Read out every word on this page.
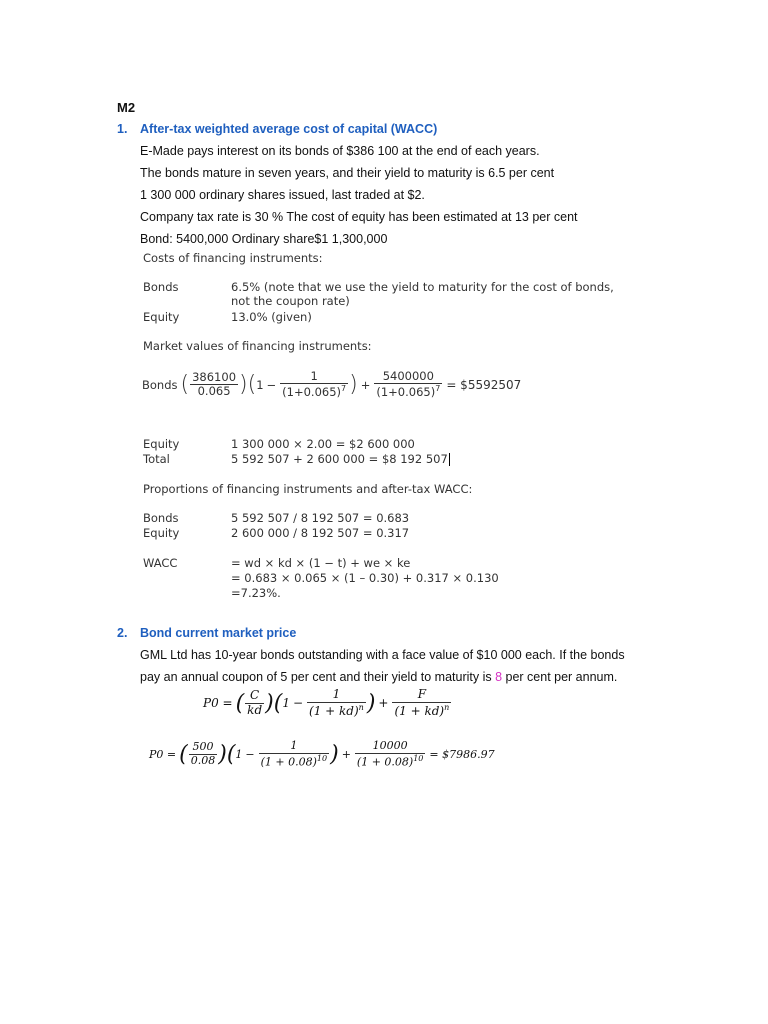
M2
1. After-tax weighted average cost of capital (WACC)
E-Made pays interest on its bonds of $386 100 at the end of each years.
The bonds mature in seven years, and their yield to maturity is 6.5 per cent
1 300 000 ordinary shares issued, last traded at $2.
Company tax rate is 30 % The cost of equity has been estimated at 13 per cent
Bond: 5400,000 Ordinary share$1 1,300,000
Costs of financing instruments:
Bonds	6.5% (note that we use the yield to maturity for the cost of bonds,
not the coupon rate)
Equity	13.0% (given)
Market values of financing instruments:
Bonds ( $\frac{386100}{0.065}$ ) ( $1 - \frac{1}{(1+0.065)^7}$ ) + $\frac{5400000}{(1+0.065)^7}$ = $5592507
Equity	1 300 000 × 2.00 = $2 600 000
Total	5 592 507 + 2 600 000 = $8 192 507
Proportions of financing instruments and after-tax WACC:
Bonds	5 592 507 / 8 192 507 = 0.683
Equity	2 600 000 / 8 192 507 = 0.317
WACC	= wd × kd × (1 − t) + we × ke
= 0.683 × 0.065 × (1 – 0.30) + 0.317 × 0.130
=7.23%.
2. Bond current market price
GML Ltd has 10-year bonds outstanding with a face value of $10 000 each. If the bonds
pay an annual coupon of 5 per cent and their yield to maturity is 8 per cent per annum.
P0 = ( $\frac{C}{kd}$ ) ( $1 - \frac{1}{(1 + kd)^n}$ ) + $\frac{F}{(1 + kd)^n}$
P0 = ( $\frac{500}{0.08}$ ) ( $1 - \frac{1}{(1 + 0.08)^{10}}$ ) + $\frac{10000}{(1 + 0.08)^{10}}$ = $7986.97
